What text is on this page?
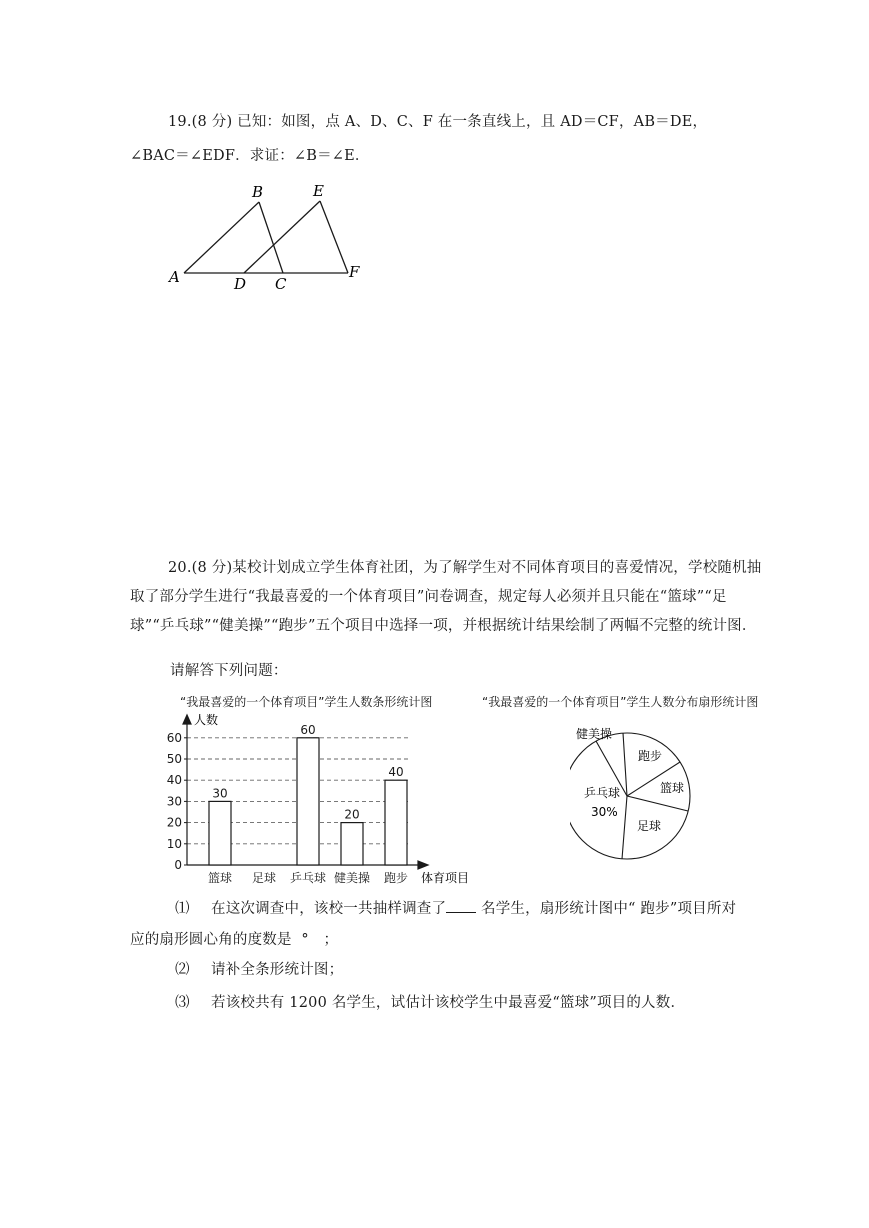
19.(8 分) 已知：如图，点 A、D、C、F 在一条直线上，且 AD＝CF，AB＝DE，
∠BAC＝∠EDF．求证：∠B＝∠E．
A
B
C
D
E
F
20.(8 分)某校计划成立学生体育社团，为了解学生对不同体育项目的喜爱情况，学校随机抽
取了部分学生进行“我最喜爱的一个体育项目”问卷调查，规定每人必须并且只能在“篮球”“足
球”“乒乓球”“健美操”“跑步”五个项目中选择一项，并根据统计结果绘制了两幅不完整的统计图．
请解答下列问题：
“我最喜爱的一个体育项目”学生人数条形统计图
0
10
20
30
40
50
60
30
60
20
40
篮球 足球 乒乓球 健美操 跑步
人数
体育项目
“我最喜爱的一个体育项目”学生人数分布扇形统计图
健美操
跑步
篮球
足球
乒乓球
30%
⑴ 在这次调查中，该校一共抽样调查了 名学生，扇形统计图中“ 跑步”项目所对
应的扇形圆心角的度数是 °　；
⑵ 请补全条形统计图；
⑶ 若该校共有 1200 名学生，试估计该校学生中最喜爱“篮球”项目的人数．
